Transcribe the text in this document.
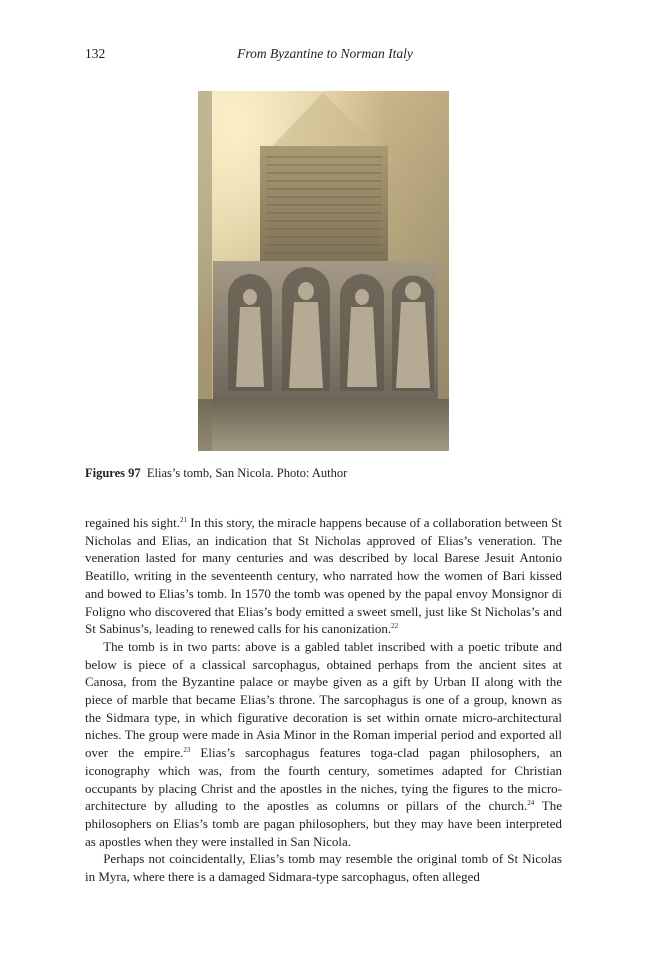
132	From Byzantine to Norman Italy
Figures 97 Elias’s tomb, San Nicola. Photo: Author

regained his sight.$^{21}$ In this story, the miracle happens because of a collaboration between St Nicholas and Elias, an indication that St Nicholas approved of Elias’s veneration. The veneration lasted for many centuries and was described by local Barese Jesuit Antonio Beatillo, writing in the seventeenth century, who narrated how the women of Bari kissed and bowed to Elias’s tomb. In 1570 the tomb was opened by the papal envoy Monsignor di Foligno who discovered that Elias’s body emitted a sweet smell, just like St Nicholas’s and St Sabinus’s, leading to renewed calls for his canonization.$^{22}$

The tomb is in two parts: above is a gabled tablet inscribed with a poetic tribute and below is piece of a classical sarcophagus, obtained perhaps from the ancient sites at Canosa, from the Byzantine palace or maybe given as a gift by Urban II along with the piece of marble that became Elias’s throne. The sarcophagus is one of a group, known as the Sidmara type, in which figurative decoration is set within ornate micro-architectural niches. The group were made in Asia Minor in the Roman imperial period and exported all over the empire.$^{23}$ Elias’s sarcophagus features toga-clad pagan philosophers, an iconography which was, from the fourth century, sometimes adapted for Christian occupants by placing Christ and the apostles in the niches, tying the figures to the micro-architecture by alluding to the apostles as columns or pillars of the church.$^{24}$ The philosophers on Elias’s tomb are pagan philosophers, but they may have been interpreted as apostles when they were installed in San Nicola.

Perhaps not coincidentally, Elias’s tomb may resemble the original tomb of St Nicolas in Myra, where there is a damaged Sidmara-type sarcophagus, often alleged
